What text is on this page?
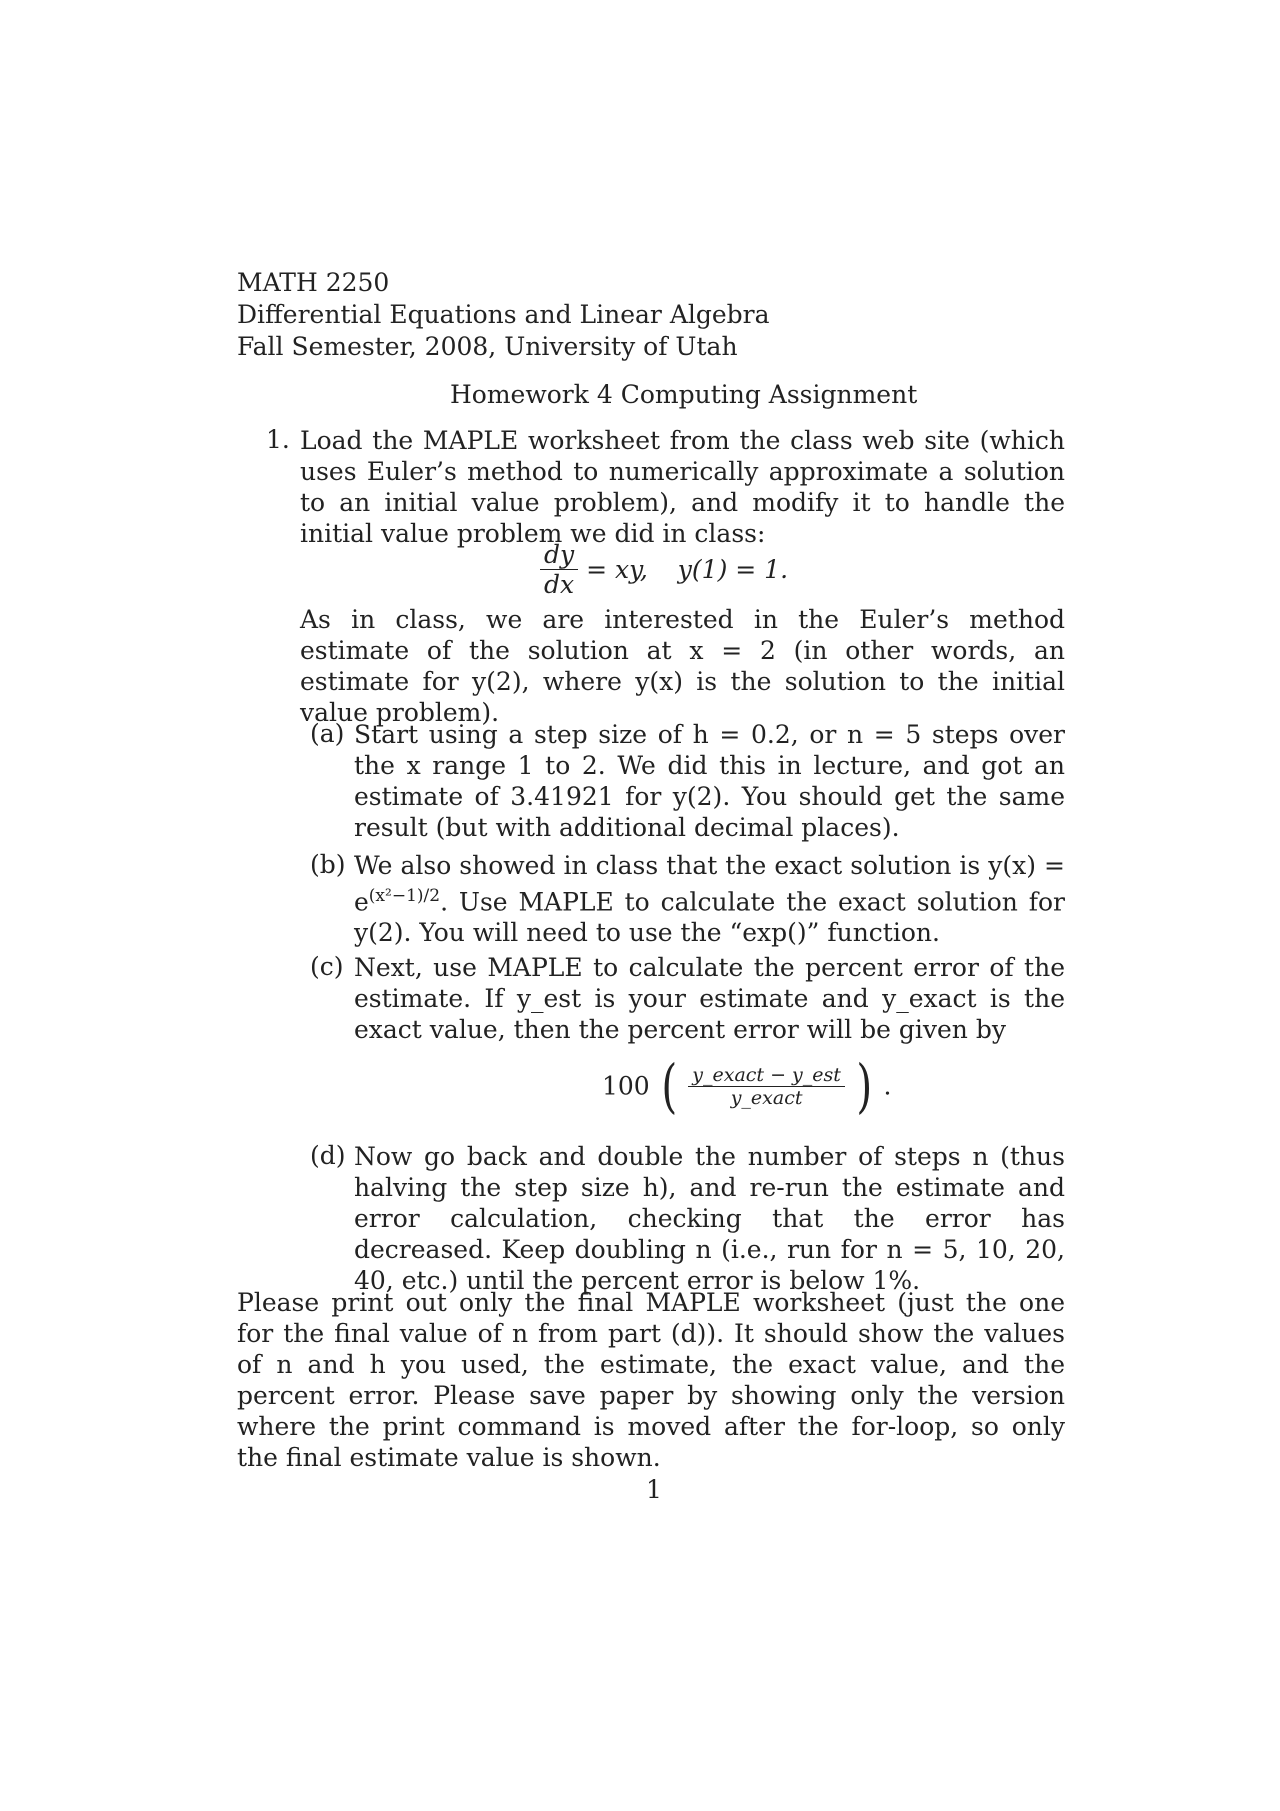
MATH 2250
Differential Equations and Linear Algebra
Fall Semester, 2008, University of Utah
Homework 4 Computing Assignment
1. Load the MAPLE worksheet from the class web site (which uses Euler’s method to numerically approximate a solution to an initial value problem), and modify it to handle the initial value problem we did in class:
$\frac{dy}{dx}$ = xy, y(1) = 1.
As in class, we are interested in the Euler’s method estimate of the solution at x = 2 (in other words, an estimate for y(2), where y(x) is the solution to the initial value problem).
(a) Start using a step size of h = 0.2, or n = 5 steps over the x range 1 to 2. We did this in lecture, and got an estimate of 3.41921 for y(2). You should get the same result (but with additional decimal places).
(b) We also showed in class that the exact solution is $y(x) = e^{(x^2-1)/2}$. Use MAPLE to calculate the exact solution for y(2). You will need to use the “exp()” function.
(c) Next, use MAPLE to calculate the percent error of the estimate. If y_est is your estimate and y_exact is the exact value, then the percent error will be given by
100 ( $\frac{\text{y\_exact − y\_est}}{\text{y\_exact}}$ ) .
(d) Now go back and double the number of steps n (thus halving the step size h), and re-run the estimate and error calculation, checking that the error has decreased. Keep doubling n (i.e., run for n = 5, 10, 20, 40, etc.) until the percent error is below 1%.
Please print out only the final MAPLE worksheet (just the one for the final value of n from part (d)). It should show the values of n and h you used, the estimate, the exact value, and the percent error. Please save paper by showing only the version where the print command is moved after the for-loop, so only the final estimate value is shown.
1
